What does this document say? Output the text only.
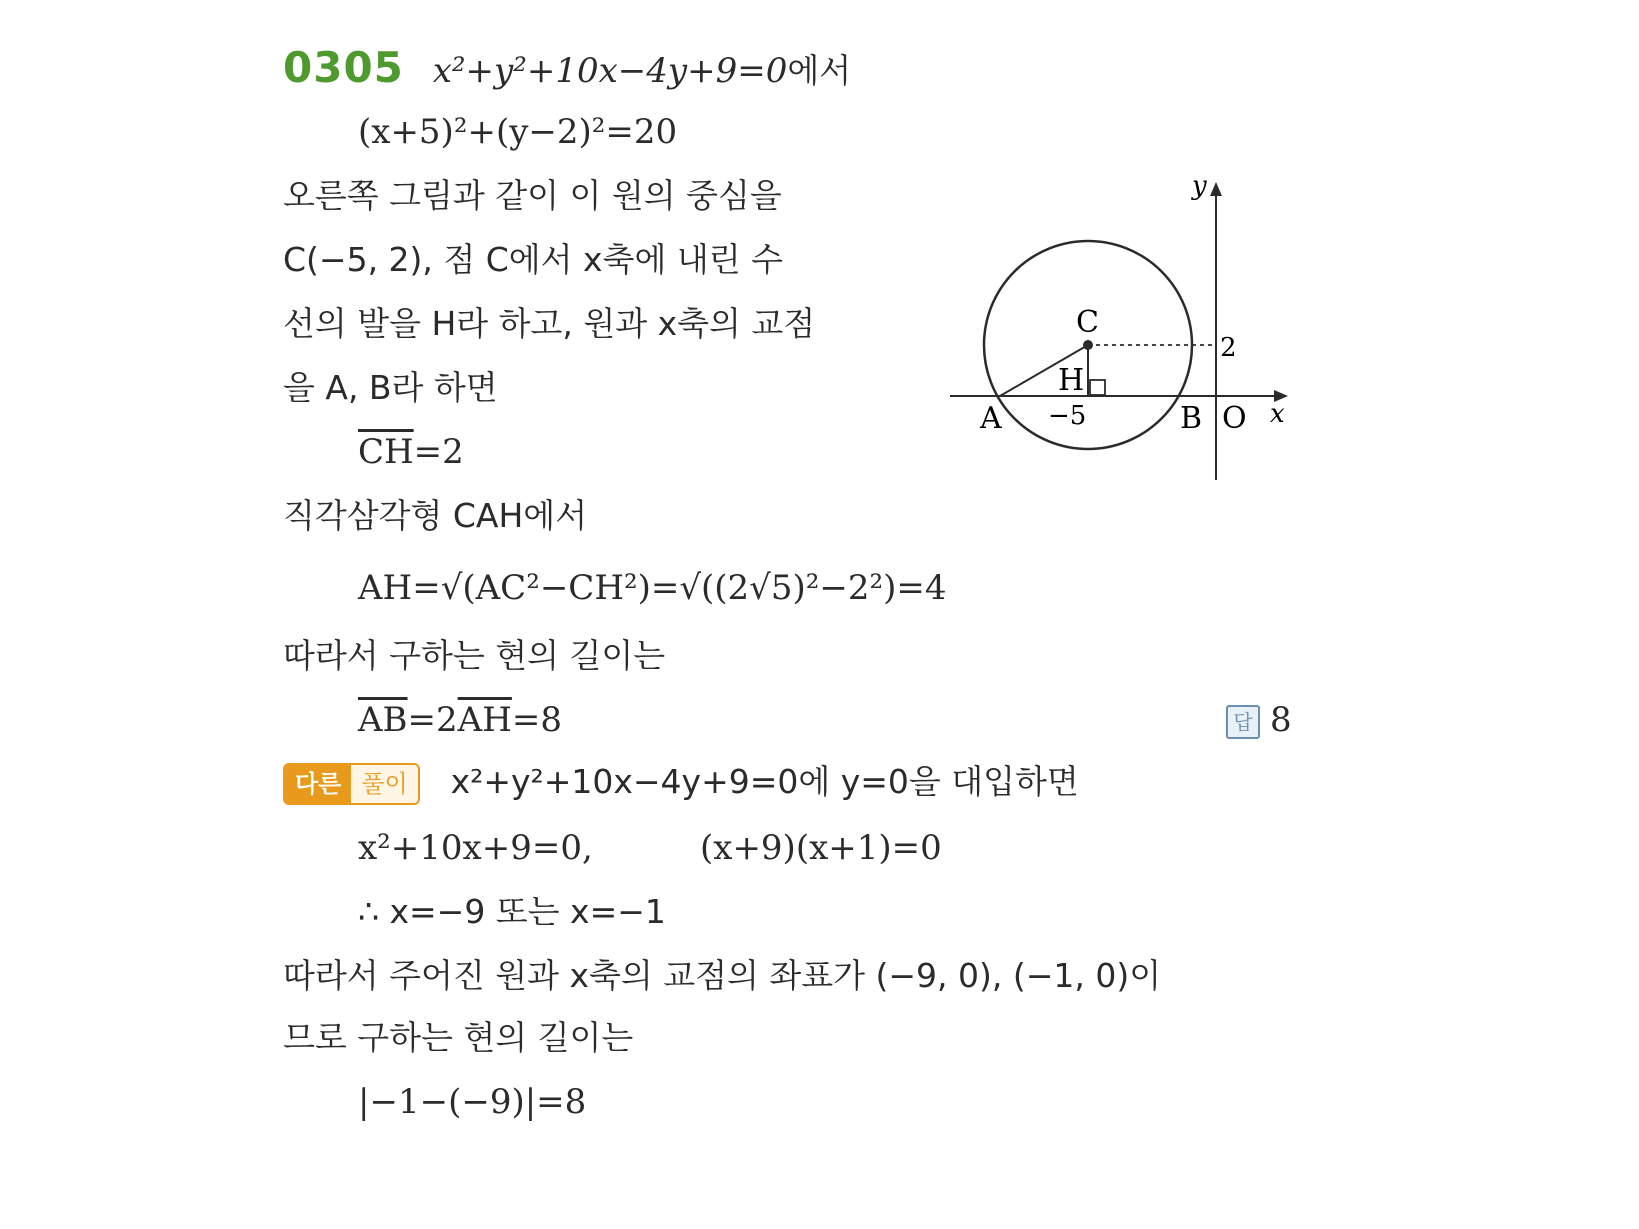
0305 x²+y²+10x−4y+9=0에서
(x+5)²+(y−2)²=20
오른쪽 그림과 같이 이 원의 중심을
C(−5, 2), 점 C에서 x축에 내린 수
선의 발을 H라 하고, 원과 x축의 교점
을 A, B라 하면
$\overline{CH}=2$
직각삼각형 CAH에서
AH=√(AC²−CH²)=√((2√5)²−2²)=4
따라서 구하는 현의 길이는
$\overline{AB}=2\overline{AH}=8$	답 8
다른 풀이	x²+y²+10x−4y+9=0에 y=0을 대입하면
x²+10x+9=0,	(x+9)(x+1)=0
∴ x=−9 또는 x=−1
따라서 주어진 원과 x축의 교점의 좌표가 (−9, 0), (−1, 0)이
므로 구하는 현의 길이는
|−1−(−9)|=8
y
x
C
H
A	B O
2
−5
